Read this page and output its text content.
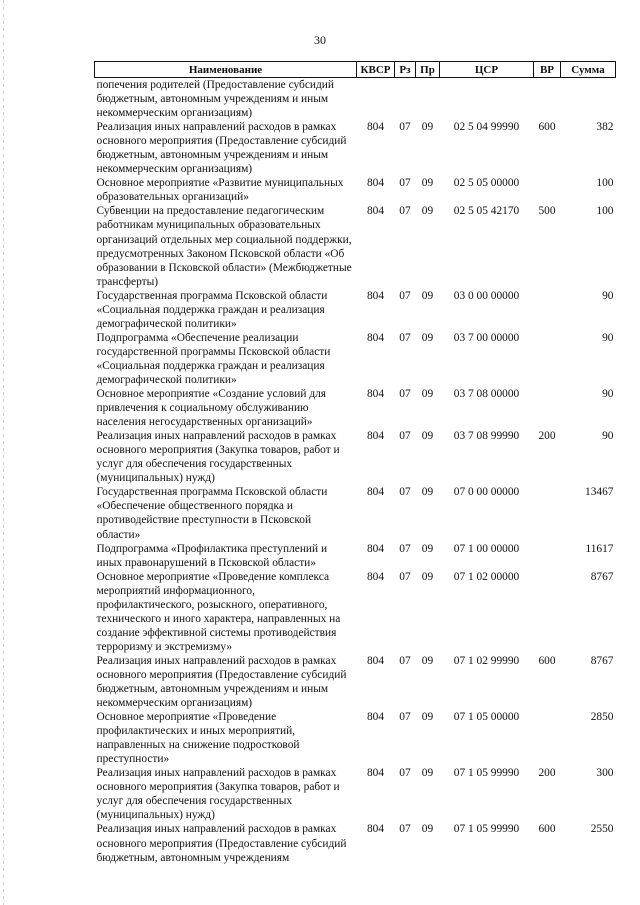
30
Наименование	КВСР	Рз	Пр	ЦСР	ВР	Сумма
попечения родителей (Предоставление субсидий бюджетным, автономным учреждениям и иным некоммерческим организациям)						
Реализация иных направлений расходов в рамках основного мероприятия (Предоставление субсидий бюджетным, автономным учреждениям и иным некоммерческим организациям)	804	07	09	02 5 04 99990	600	382
Основное мероприятие «Развитие муниципальных образовательных организаций»	804	07	09	02 5 05 00000		100
Субвенции на предоставление педагогическим работникам муниципальных образовательных организаций отдельных мер социальной поддержки, предусмотренных Законом Псковской области «Об образовании в Псковской области» (Межбюджетные трансферты)	804	07	09	02 5 05 42170	500	100
Государственная программа Псковской области «Социальная поддержка граждан и реализация демографической политики»	804	07	09	03 0 00 00000		90
Подпрограмма «Обеспечение реализации государственной программы Псковской области «Социальная поддержка граждан и реализация демографической политики»	804	07	09	03 7 00 00000		90
Основное мероприятие «Создание условий для привлечения к социальному обслуживанию населения негосударственных организаций»	804	07	09	03 7 08 00000		90
Реализация иных направлений расходов в рамках основного мероприятия (Закупка товаров, работ и услуг для обеспечения государственных (муниципальных) нужд)	804	07	09	03 7 08 99990	200	90
Государственная программа Псковской области «Обеспечение общественного порядка и противодействие преступности в Псковской области»	804	07	09	07 0 00 00000		13467
Подпрограмма «Профилактика преступлений и иных правонарушений в Псковской области»	804	07	09	07 1 00 00000		11617
Основное мероприятие «Проведение комплекса мероприятий информационного, профилактического, розыскного, оперативного, технического и иного характера, направленных на создание эффективной системы противодействия терроризму и экстремизму»	804	07	09	07 1 02 00000		8767
Реализация иных направлений расходов в рамках основного мероприятия (Предоставление субсидий бюджетным, автономным учреждениям и иным некоммерческим организациям)	804	07	09	07 1 02 99990	600	8767
Основное мероприятие «Проведение профилактических и иных мероприятий, направленных на снижение подростковой преступности»	804	07	09	07 1 05 00000		2850
Реализация иных направлений расходов в рамках основного мероприятия (Закупка товаров, работ и услуг для обеспечения государственных (муниципальных) нужд)	804	07	09	07 1 05 99990	200	300
Реализация иных направлений расходов в рамках основного мероприятия (Предоставление субсидий бюджетным, автономным учреждениям	804	07	09	07 1 05 99990	600	2550
